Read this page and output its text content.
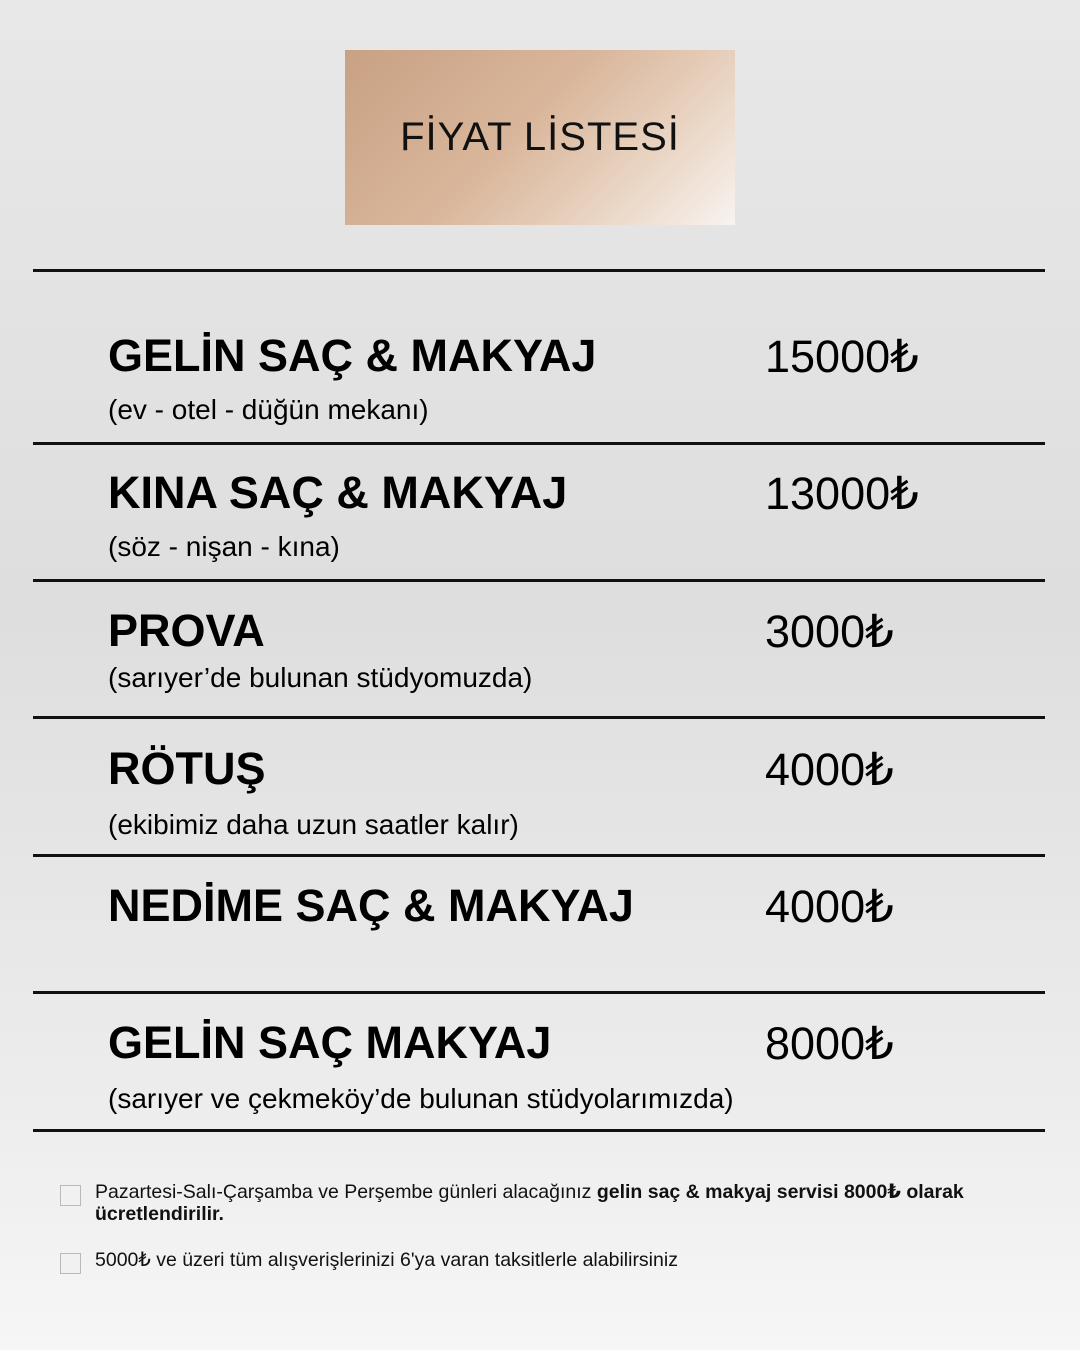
FİYAT LİSTESİ
GELİN SAÇ & MAKYAJ	15000₺
(ev - otel - düğün mekanı)
KINA SAÇ & MAKYAJ	13000₺
(söz - nişan - kına)
PROVA	3000₺
(sarıyer’de bulunan stüdyomuzda)
RÖTUŞ	4000₺
(ekibimiz daha uzun saatler kalır)
NEDİME SAÇ & MAKYAJ	4000₺
GELİN SAÇ MAKYAJ	8000₺
(sarıyer ve çekmeköy’de bulunan stüdyolarımızda)
Pazartesi-Salı-Çarşamba ve Perşembe günleri alacağınız gelin saç & makyaj servisi 8000₺ olarak ücretlendirilir.
5000₺ ve üzeri tüm alışverişlerinizi 6'ya varan taksitlerle alabilirsiniz
